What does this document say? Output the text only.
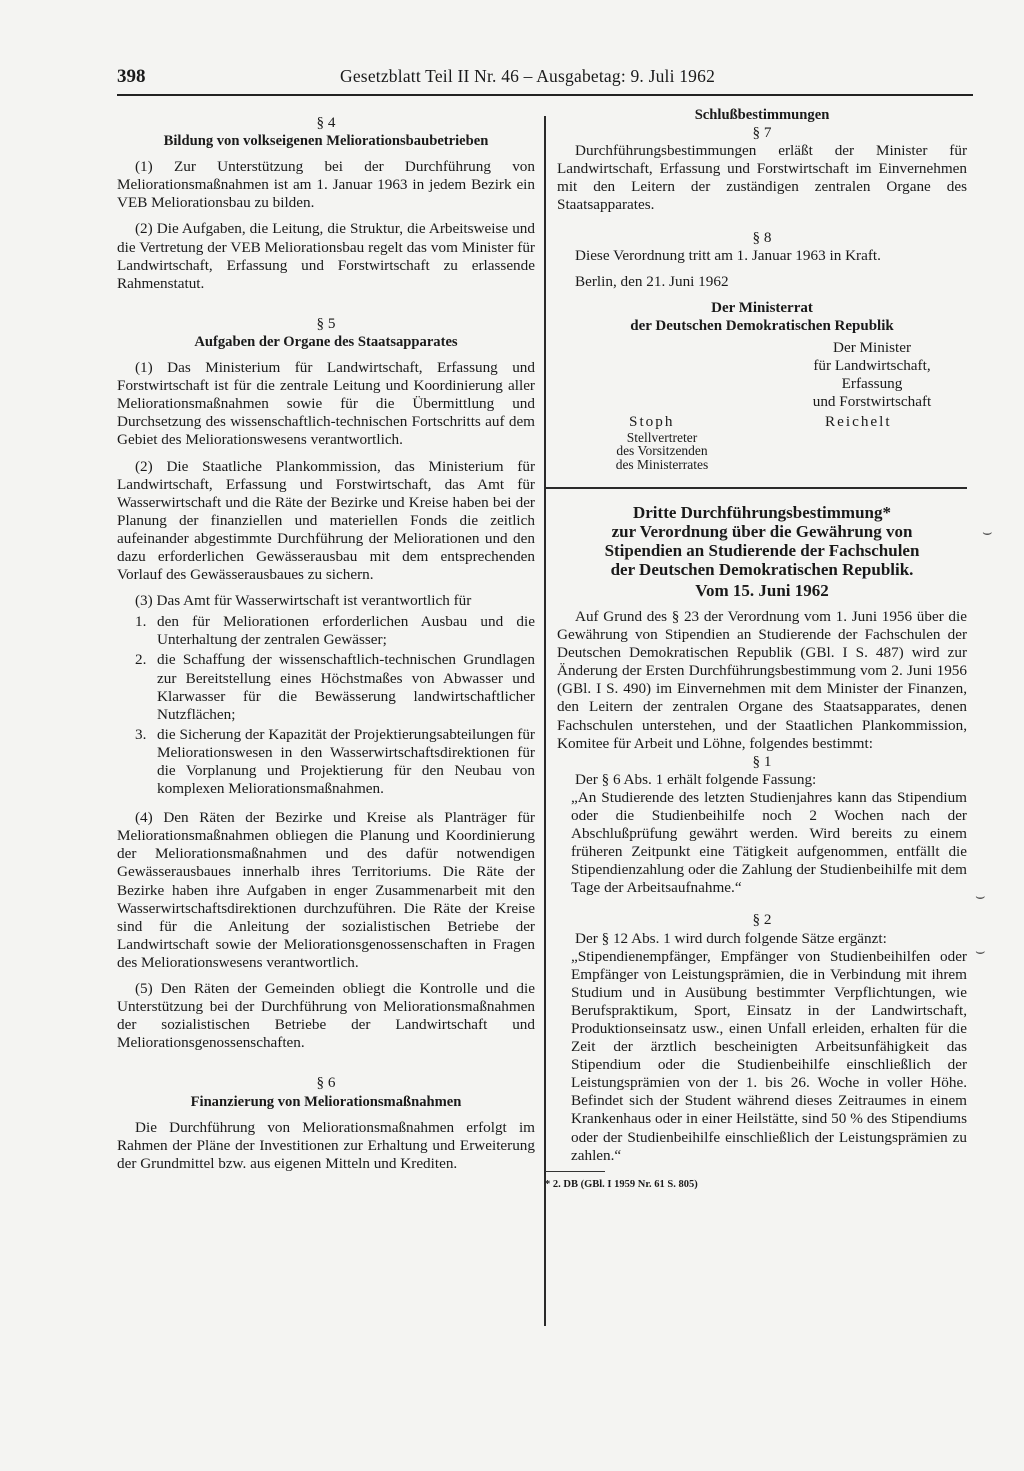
398	Gesetzblatt Teil II Nr. 46 – Ausgabetag: 9. Juli 1962
§ 4
Bildung von volkseigenen Meliorationsbaubetrieben

(1) Zur Unterstützung bei der Durchführung von Meliorationsmaßnahmen ist am 1. Januar 1963 in jedem Bezirk ein VEB Meliorationsbau zu bilden.

(2) Die Aufgaben, die Leitung, die Struktur, die Arbeitsweise und die Vertretung der VEB Meliorationsbau regelt das vom Minister für Landwirtschaft, Erfassung und Forstwirtschaft zu erlassende Rahmenstatut.

§ 5
Aufgaben der Organe des Staatsapparates

(1) Das Ministerium für Landwirtschaft, Erfassung und Forstwirtschaft ist für die zentrale Leitung und Koordinierung aller Meliorationsmaßnahmen sowie für die Übermittlung und Durchsetzung des wissenschaftlich-technischen Fortschritts auf dem Gebiet des Meliorationswesens verantwortlich.

(2) Die Staatliche Plankommission, das Ministerium für Landwirtschaft, Erfassung und Forstwirtschaft, das Amt für Wasserwirtschaft und die Räte der Bezirke und Kreise haben bei der Planung der finanziellen und materiellen Fonds die zeitlich aufeinander abgestimmte Durchführung der Meliorationen und den dazu erforderlichen Gewässerausbau mit dem entsprechenden Vorlauf des Gewässerausbaues zu sichern.

(3) Das Amt für Wasserwirtschaft ist verantwortlich für

1. den für Meliorationen erforderlichen Ausbau und die Unterhaltung der zentralen Gewässer;
2. die Schaffung der wissenschaftlich-technischen Grundlagen zur Bereitstellung eines Höchstmaßes von Abwasser und Klarwasser für die Bewässerung landwirtschaftlicher Nutzflächen;
3. die Sicherung der Kapazität der Projektierungsabteilungen für Meliorationswesen in den Wasserwirtschaftsdirektionen für die Vorplanung und Projektierung für den Neubau von komplexen Meliorationsmaßnahmen.

(4) Den Räten der Bezirke und Kreise als Planträger für Meliorationsmaßnahmen obliegen die Planung und Koordinierung der Meliorationsmaßnahmen und des dafür notwendigen Gewässerausbaues innerhalb ihres Territoriums. Die Räte der Bezirke haben ihre Aufgaben in enger Zusammenarbeit mit den Wasserwirtschaftsdirektionen durchzuführen. Die Räte der Kreise sind für die Anleitung der sozialistischen Betriebe der Landwirtschaft sowie der Meliorationsgenossenschaften in Fragen des Meliorationswesens verantwortlich.

(5) Den Räten der Gemeinden obliegt die Kontrolle und die Unterstützung bei der Durchführung von Meliorationsmaßnahmen der sozialistischen Betriebe der Landwirtschaft und Meliorationsgenossenschaften.

§ 6
Finanzierung von Meliorationsmaßnahmen

Die Durchführung von Meliorationsmaßnahmen erfolgt im Rahmen der Pläne der Investitionen zur Erhaltung und Erweiterung der Grundmittel bzw. aus eigenen Mitteln und Krediten.

Schlußbestimmungen
§ 7

Durchführungsbestimmungen erläßt der Minister für Landwirtschaft, Erfassung und Forstwirtschaft im Einvernehmen mit den Leitern der zuständigen zentralen Organe des Staatsapparates.

§ 8

Diese Verordnung tritt am 1. Januar 1963 in Kraft.

Berlin, den 21. Juni 1962

Der Ministerrat
der Deutschen Demokratischen Republik
Der Minister
für Landwirtschaft,
Erfassung
und Forstwirtschaft
Stoph	Reichelt
Stellvertreter
des Vorsitzenden
des Ministerrates
Dritte Durchführungsbestimmung*
zur Verordnung über die Gewährung von
Stipendien an Studierende der Fachschulen
der Deutschen Demokratischen Republik.
Vom 15. Juni 1962

Auf Grund des § 23 der Verordnung vom 1. Juni 1956 über die Gewährung von Stipendien an Studierende der Fachschulen der Deutschen Demokratischen Republik (GBl. I S. 487) wird zur Änderung der Ersten Durchführungsbestimmung vom 2. Juni 1956 (GBl. I S. 490) im Einvernehmen mit dem Minister der Finanzen, den Leitern der zentralen Organe des Staatsapparates, denen Fachschulen unterstehen, und der Staatlichen Plankommission, Komitee für Arbeit und Löhne, folgendes bestimmt:

§ 1

Der § 6 Abs. 1 erhält folgende Fassung:

„An Studierende des letzten Studienjahres kann das Stipendium oder die Studienbeihilfe noch 2 Wochen nach der Abschlußprüfung gewährt werden. Wird bereits zu einem früheren Zeitpunkt eine Tätigkeit aufgenommen, entfällt die Stipendienzahlung oder die Zahlung der Studienbeihilfe mit dem Tage der Arbeitsaufnahme.“

§ 2

Der § 12 Abs. 1 wird durch folgende Sätze ergänzt:

„Stipendienempfänger, Empfänger von Studienbeihilfen oder Empfänger von Leistungsprämien, die in Verbindung mit ihrem Studium und in Ausübung bestimmter Verpflichtungen, wie Berufspraktikum, Sport, Einsatz in der Landwirtschaft, Produktionseinsatz usw., einen Unfall erleiden, erhalten für die Zeit der ärztlich bescheinigten Arbeitsunfähigkeit das Stipendium oder die Studienbeihilfe einschließlich der Leistungsprämien von der 1. bis 26. Woche in voller Höhe. Befindet sich der Student während dieses Zeitraumes in einem Krankenhaus oder in einer Heilstätte, sind 50 % des Stipendiums oder der Studienbeihilfe einschließlich der Leistungsprämien zu zahlen.“

* 2. DB (GBl. I 1959 Nr. 61 S. 805)
⌣
⌣
⌣
